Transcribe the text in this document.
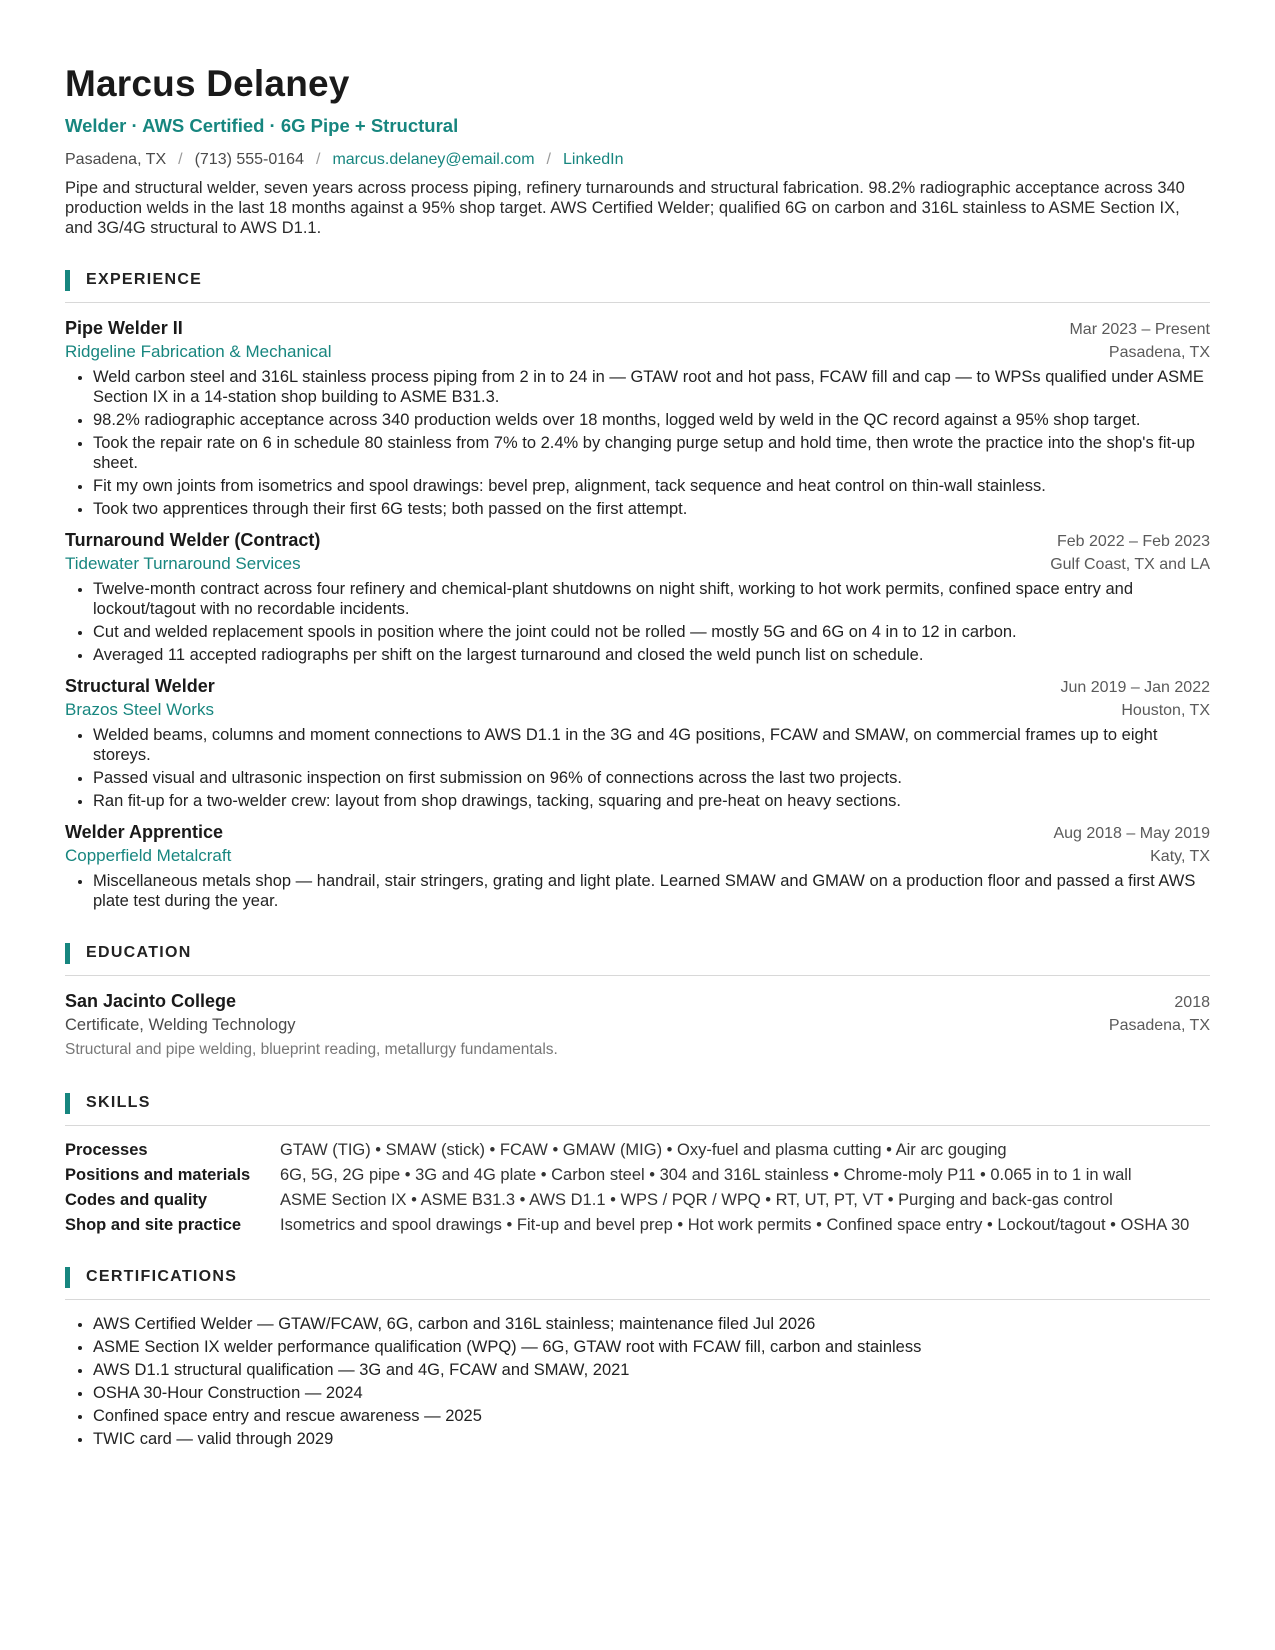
Marcus Delaney
Welder · AWS Certified · 6G Pipe + Structural
Pasadena, TX / (713) 555-0164 / marcus.delaney@email.com / LinkedIn
Pipe and structural welder, seven years across process piping, refinery turnarounds and structural fabrication. 98.2% radiographic acceptance across 340 production welds in the last 18 months against a 95% shop target. AWS Certified Welder; qualified 6G on carbon and 316L stainless to ASME Section IX, and 3G/4G structural to AWS D1.1.
EXPERIENCE
Pipe Welder II	Mar 2023 – Present
Ridgeline Fabrication & Mechanical	Pasadena, TX
• Weld carbon steel and 316L stainless process piping from 2 in to 24 in — GTAW root and hot pass, FCAW fill and cap — to WPSs qualified under ASME Section IX in a 14-station shop building to ASME B31.3.
• 98.2% radiographic acceptance across 340 production welds over 18 months, logged weld by weld in the QC record against a 95% shop target.
• Took the repair rate on 6 in schedule 80 stainless from 7% to 2.4% by changing purge setup and hold time, then wrote the practice into the shop's fit-up sheet.
• Fit my own joints from isometrics and spool drawings: bevel prep, alignment, tack sequence and heat control on thin-wall stainless.
• Took two apprentices through their first 6G tests; both passed on the first attempt.
Turnaround Welder (Contract)	Feb 2022 – Feb 2023
Tidewater Turnaround Services	Gulf Coast, TX and LA
• Twelve-month contract across four refinery and chemical-plant shutdowns on night shift, working to hot work permits, confined space entry and lockout/tagout with no recordable incidents.
• Cut and welded replacement spools in position where the joint could not be rolled — mostly 5G and 6G on 4 in to 12 in carbon.
• Averaged 11 accepted radiographs per shift on the largest turnaround and closed the weld punch list on schedule.
Structural Welder	Jun 2019 – Jan 2022
Brazos Steel Works	Houston, TX
• Welded beams, columns and moment connections to AWS D1.1 in the 3G and 4G positions, FCAW and SMAW, on commercial frames up to eight storeys.
• Passed visual and ultrasonic inspection on first submission on 96% of connections across the last two projects.
• Ran fit-up for a two-welder crew: layout from shop drawings, tacking, squaring and pre-heat on heavy sections.
Welder Apprentice	Aug 2018 – May 2019
Copperfield Metalcraft	Katy, TX
• Miscellaneous metals shop — handrail, stair stringers, grating and light plate. Learned SMAW and GMAW on a production floor and passed a first AWS plate test during the year.
EDUCATION
San Jacinto College	2018
Certificate, Welding Technology	Pasadena, TX
Structural and pipe welding, blueprint reading, metallurgy fundamentals.
SKILLS
Processes	GTAW (TIG) • SMAW (stick) • FCAW • GMAW (MIG) • Oxy-fuel and plasma cutting • Air arc gouging
Positions and materials	6G, 5G, 2G pipe • 3G and 4G plate • Carbon steel • 304 and 316L stainless • Chrome-moly P11 • 0.065 in to 1 in wall
Codes and quality	ASME Section IX • ASME B31.3 • AWS D1.1 • WPS / PQR / WPQ • RT, UT, PT, VT • Purging and back-gas control
Shop and site practice	Isometrics and spool drawings • Fit-up and bevel prep • Hot work permits • Confined space entry • Lockout/tagout • OSHA 30
CERTIFICATIONS
• AWS Certified Welder — GTAW/FCAW, 6G, carbon and 316L stainless; maintenance filed Jul 2026
• ASME Section IX welder performance qualification (WPQ) — 6G, GTAW root with FCAW fill, carbon and stainless
• AWS D1.1 structural qualification — 3G and 4G, FCAW and SMAW, 2021
• OSHA 30-Hour Construction — 2024
• Confined space entry and rescue awareness — 2025
• TWIC card — valid through 2029
